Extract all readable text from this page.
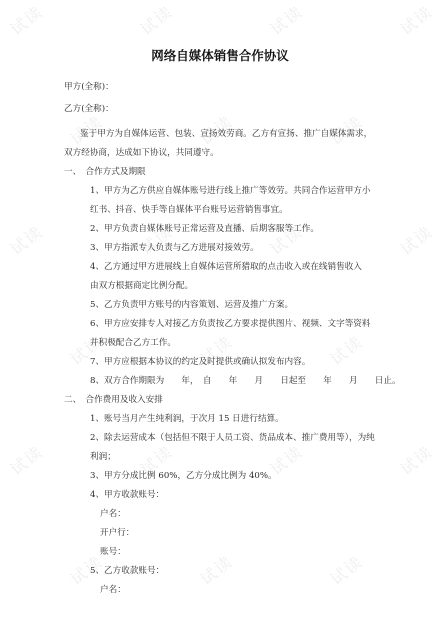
试读	试读	试读	试读
试读	试读	试读
试读	试读	试读	试读
试读	试读	试读
试读	试读	试读	试读
试读	试读	试读
网络自媒体销售合作协议
甲方(全称)：
乙方(全称)：
鉴于甲方为自媒体运营、包装、宣扬效劳商。乙方有宣扬、推广自媒体需求，
双方经协商，达成如下协议，共同遵守。
一、　合作方式及期限
1、甲方为乙方供应自媒体账号进行线上推广等效劳。共同合作运营甲方小
红书、抖音、快手等自媒体平台账号运营销售事宜。
2、甲方负责自媒体账号正常运营及直播、后期客服等工作。
3、甲方指派专人负责与乙方进展对接效劳。
4、乙方通过甲方进展线上自媒体运营所猎取的点击收入或在线销售收入
由双方根据商定比例分配。
5、乙方负责甲方账号的内容策划、运营及推广方案。
6、甲方应安排专人对接乙方负责按乙方要求提供图片、视频、文字等资料
并积极配合乙方工作。
7、甲方应根据本协议的约定及时提供或确认拟发布内容。
8、双方合作期限为　　年，　自　　年　　月　　日起至　　年　　月　　日止。
二、　合作费用及收入安排
1、账号当月产生纯利润，于次月 15 日进行结算。
2、除去运营成本（包括但不限于人员工资、货品成本、推广费用等），为纯
利润；
3、甲方分成比例 60%，乙方分成比例为 40%。
4、甲方收款账号：
户名：
开户行：
账号：
5、乙方收款账号：
户名：
